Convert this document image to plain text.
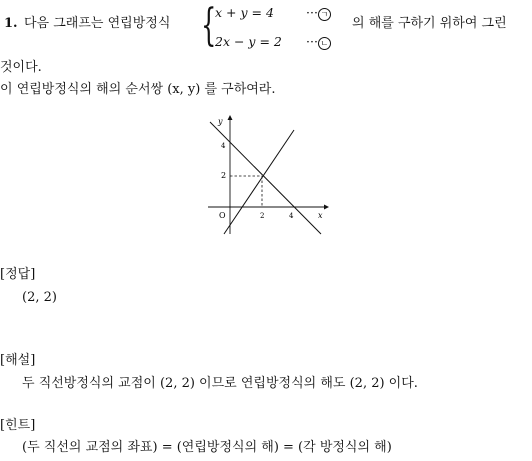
1. 다음 그래프는 연립방정식 {
x + y = 4	··· ㄱ
2x − y = 2 ··· ㄴ
의 해를 구하기 위하여 그린
것이다.
이 연립방정식의 해의 순서쌍 (x, y) 를 구하여라.
y
x
O
4
2
2	4
[정답]
(2, 2)
[해설]
두 직선방정식의 교점이 (2, 2) 이므로 연립방정식의 해도 (2, 2) 이다.
[힌트]
(두 직선의 교점의 좌표) = (연립방정식의 해) = (각 방정식의 해)
